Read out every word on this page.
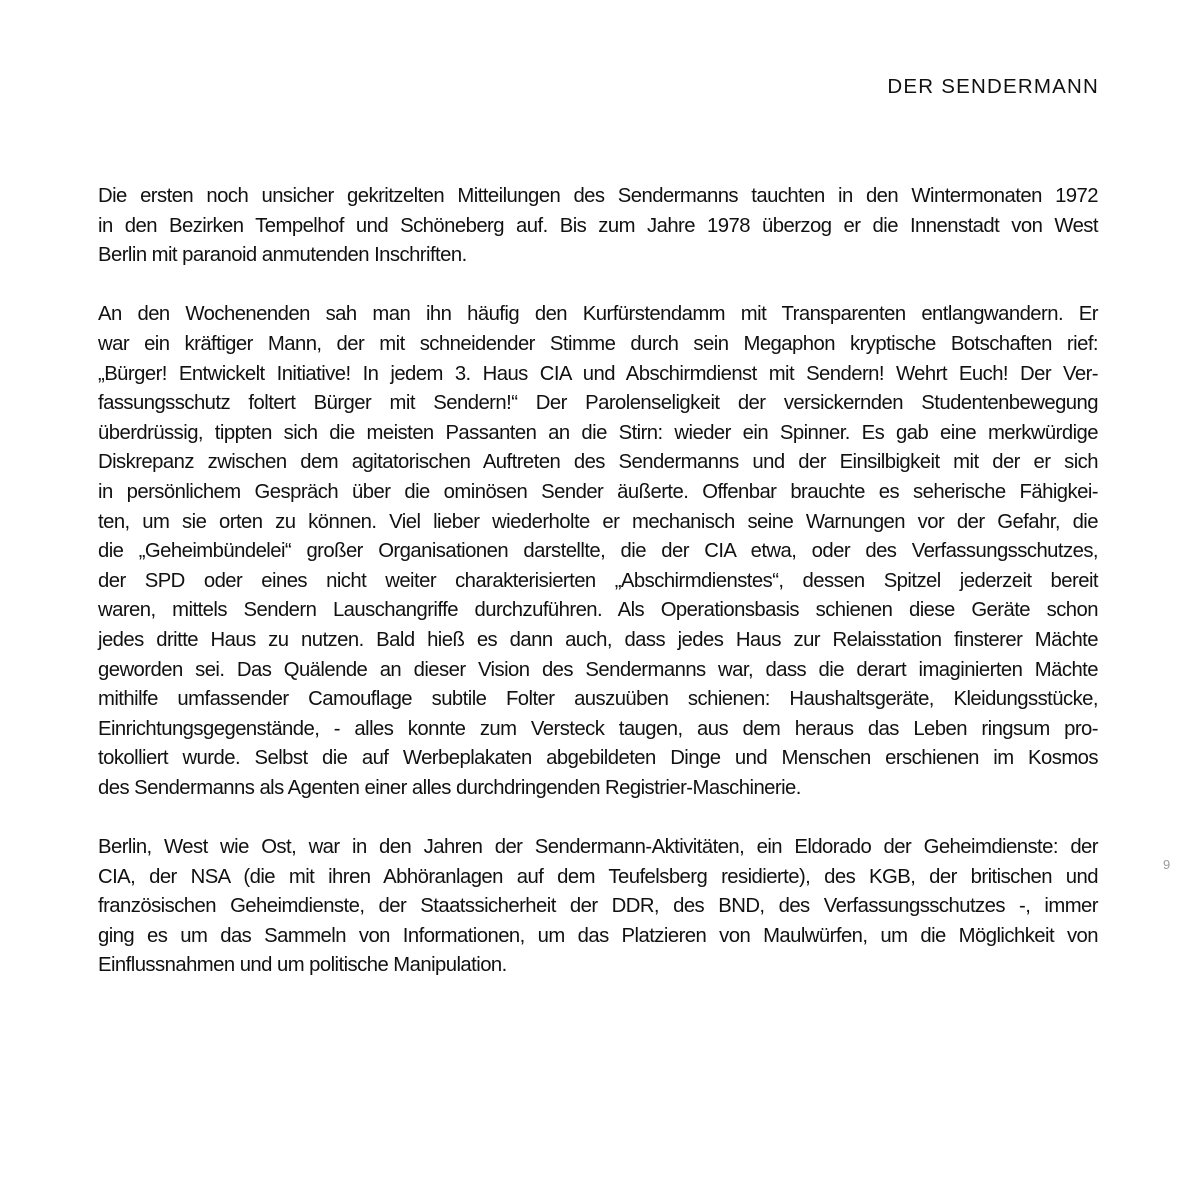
DER SENDERMANN
9

Die ersten noch unsicher gekritzelten Mitteilungen des Sendermanns tauchten in den Wintermonaten 1972
in den Bezirken Tempelhof und Schöneberg auf. Bis zum Jahre 1978 überzog er die Innenstadt von West
Berlin mit paranoid anmutenden Inschriften.

An den Wochenenden sah man ihn häufig den Kurfürstendamm mit Transparenten entlangwandern. Er
war ein kräftiger Mann, der mit schneidender Stimme durch sein Megaphon kryptische Botschaften rief:
„Bürger! Entwickelt Initiative! In jedem 3. Haus CIA und Abschirmdienst mit Sendern! Wehrt Euch! Der Ver-
fassungsschutz foltert Bürger mit Sendern!“ Der Parolenseligkeit der versickernden Studentenbewegung
überdrüssig, tippten sich die meisten Passanten an die Stirn: wieder ein Spinner. Es gab eine merkwürdige
Diskrepanz zwischen dem agitatorischen Auftreten des Sendermanns und der Einsilbigkeit mit der er sich
in persönlichem Gespräch über die ominösen Sender äußerte. Offenbar brauchte es seherische Fähigkei-
ten, um sie orten zu können. Viel lieber wiederholte er mechanisch seine Warnungen vor der Gefahr, die
die „Geheimbündelei“ großer Organisationen darstellte, die der CIA etwa, oder des Verfassungsschutzes,
der SPD oder eines nicht weiter charakterisierten „Abschirmdienstes“, dessen Spitzel jederzeit bereit
waren, mittels Sendern Lauschangriffe durchzuführen. Als Operationsbasis schienen diese Geräte schon
jedes dritte Haus zu nutzen. Bald hieß es dann auch, dass jedes Haus zur Relaisstation finsterer Mächte
geworden sei. Das Quälende an dieser Vision des Sendermanns war, dass die derart imaginierten Mächte
mithilfe umfassender Camouflage subtile Folter auszuüben schienen: Haushaltsgeräte, Kleidungsstücke,
Einrichtungsgegenstände, - alles konnte zum Versteck taugen, aus dem heraus das Leben ringsum pro-
tokolliert wurde. Selbst die auf Werbeplakaten abgebildeten Dinge und Menschen erschienen im Kosmos
des Sendermanns als Agenten einer alles durchdringenden Registrier-Maschinerie.

Berlin, West wie Ost, war in den Jahren der Sendermann-Aktivitäten, ein Eldorado der Geheimdienste: der
CIA, der NSA (die mit ihren Abhöranlagen auf dem Teufelsberg residierte), des KGB, der britischen und
französischen Geheimdienste, der Staatssicherheit der DDR, des BND, des Verfassungsschutzes -, immer
ging es um das Sammeln von Informationen, um das Platzieren von Maulwürfen, um die Möglichkeit von
Einflussnahmen und um politische Manipulation.
